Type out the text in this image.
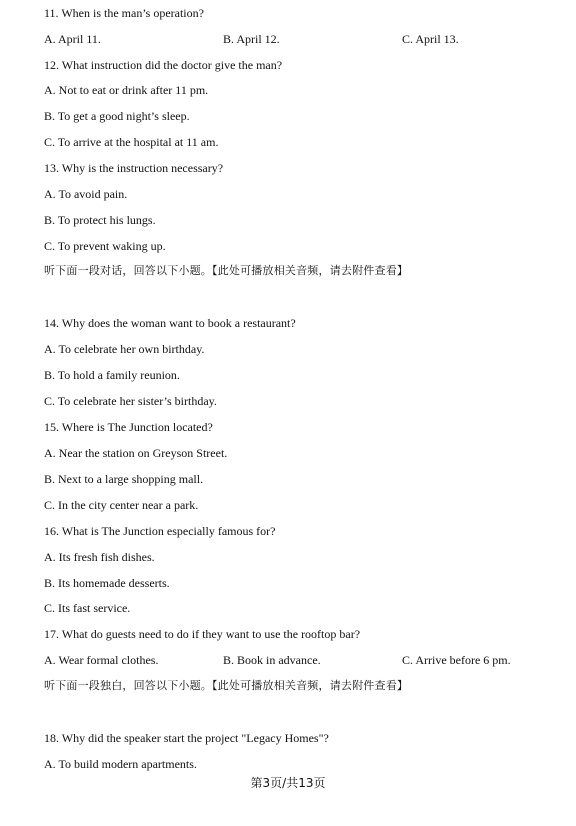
11. When is the man’s operation?
A. April 11.	B. April 12.	C. April 13.
12. What instruction did the doctor give the man?
A. Not to eat or drink after 11 pm.
B. To get a good night’s sleep.
C. To arrive at the hospital at 11 am.
13. Why is the instruction necessary?
A. To avoid pain.
B. To protect his lungs.
C. To prevent waking up.
听下面一段对话，回答以下小题。【此处可播放相关音频，请去附件查看】
14. Why does the woman want to book a restaurant?
A. To celebrate her own birthday.
B. To hold a family reunion.
C. To celebrate her sister’s birthday.
15. Where is The Junction located?
A. Near the station on Greyson Street.
B. Next to a large shopping mall.
C. In the city center near a park.
16. What is The Junction especially famous for?
A. Its fresh fish dishes.
B. Its homemade desserts.
C. Its fast service.
17. What do guests need to do if they want to use the rooftop bar?
A. Wear formal clothes.	B. Book in advance.	C. Arrive before 6 pm.
听下面一段独白，回答以下小题。【此处可播放相关音频，请去附件查看】
18. Why did the speaker start the project "Legacy Homes"?
A. To build modern apartments.
第3页/共13页
